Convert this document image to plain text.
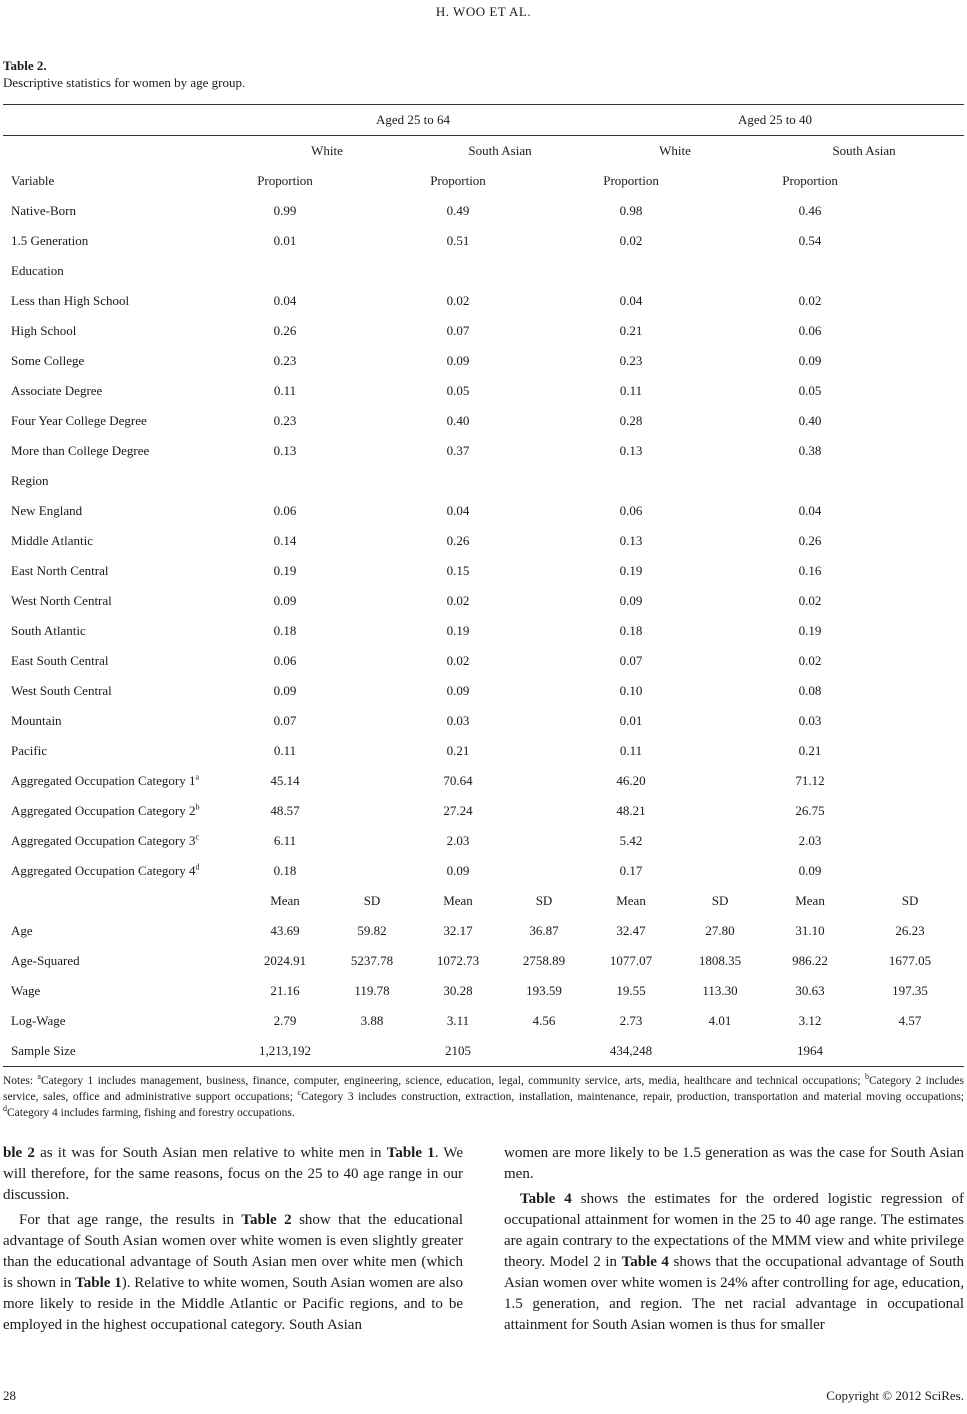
H. WOO ET AL.
Table 2.
Descriptive statistics for women by age group.
	Aged 25 to 64				Aged 25 to 40			
	White		South Asian		White		South Asian	
Variable	Proportion		Proportion		Proportion		Proportion	
Native-Born	0.99		0.49		0.98		0.46	
1.5 Generation	0.01		0.51		0.02		0.54	
Education								
Less than High School	0.04		0.02		0.04		0.02	
High School	0.26		0.07		0.21		0.06	
Some College	0.23		0.09		0.23		0.09	
Associate Degree	0.11		0.05		0.11		0.05	
Four Year College Degree	0.23		0.40		0.28		0.40	
More than College Degree	0.13		0.37		0.13		0.38	
Region								
New England	0.06		0.04		0.06		0.04	
Middle Atlantic	0.14		0.26		0.13		0.26	
East North Central	0.19		0.15		0.19		0.16	
West North Central	0.09		0.02		0.09		0.02	
South Atlantic	0.18		0.19		0.18		0.19	
East South Central	0.06		0.02		0.07		0.02	
West South Central	0.09		0.09		0.10		0.08	
Mountain	0.07		0.03		0.01		0.03	
Pacific	0.11		0.21		0.11		0.21	
Aggregated Occupation Category 1$^a$	45.14		70.64		46.20		71.12	
Aggregated Occupation Category 2$^b$	48.57		27.24		48.21		26.75	
Aggregated Occupation Category 3$^c$	6.11		2.03		5.42		2.03	
Aggregated Occupation Category 4$^d$	0.18		0.09		0.17		0.09	
	Mean	SD	Mean	SD	Mean	SD	Mean	SD
Age	43.69	59.82	32.17	36.87	32.47	27.80	31.10	26.23
Age-Squared	2024.91	5237.78	1072.73	2758.89	1077.07	1808.35	986.22	1677.05
Wage	21.16	119.78	30.28	193.59	19.55	113.30	30.63	197.35
Log-Wage	2.79	3.88	3.11	4.56	2.73	4.01	3.12	4.57
Sample Size	1,213,192		2105		434,248		1964	
Notes: $^a$Category 1 includes management, business, finance, computer, engineering, science, education, legal, community service, arts, media, healthcare and technical occupations; $^b$Category 2 includes service, sales, office and administrative support occupations; $^c$Category 3 includes construction, extraction, installation, maintenance, repair, production, transportation and material moving occupations; $^d$Category 4 includes farming, fishing and forestry occupations.

ble 2 as it was for South Asian men relative to white men in Table 1. We will therefore, for the same reasons, focus on the 25 to 40 age range in our discussion.

For that age range, the results in Table 2 show that the educational advantage of South Asian women over white women is even slightly greater than the educational advantage of South Asian men over white men (which is shown in Table 1). Relative to white women, South Asian women are also more likely to reside in the Middle Atlantic or Pacific regions, and to be employed in the highest occupational category. South Asian

women are more likely to be 1.5 generation as was the case for South Asian men.

Table 4 shows the estimates for the ordered logistic regression of occupational attainment for women in the 25 to 40 age range. The estimates are again contrary to the expectations of the MMM view and white privilege theory. Model 2 in Table 4 shows that the occupational advantage of South Asian women over white women is 24% after controlling for age, education, 1.5 generation, and region. The net racial advantage in occupational attainment for South Asian women is thus for smaller

28	Copyright © 2012 SciRes.
